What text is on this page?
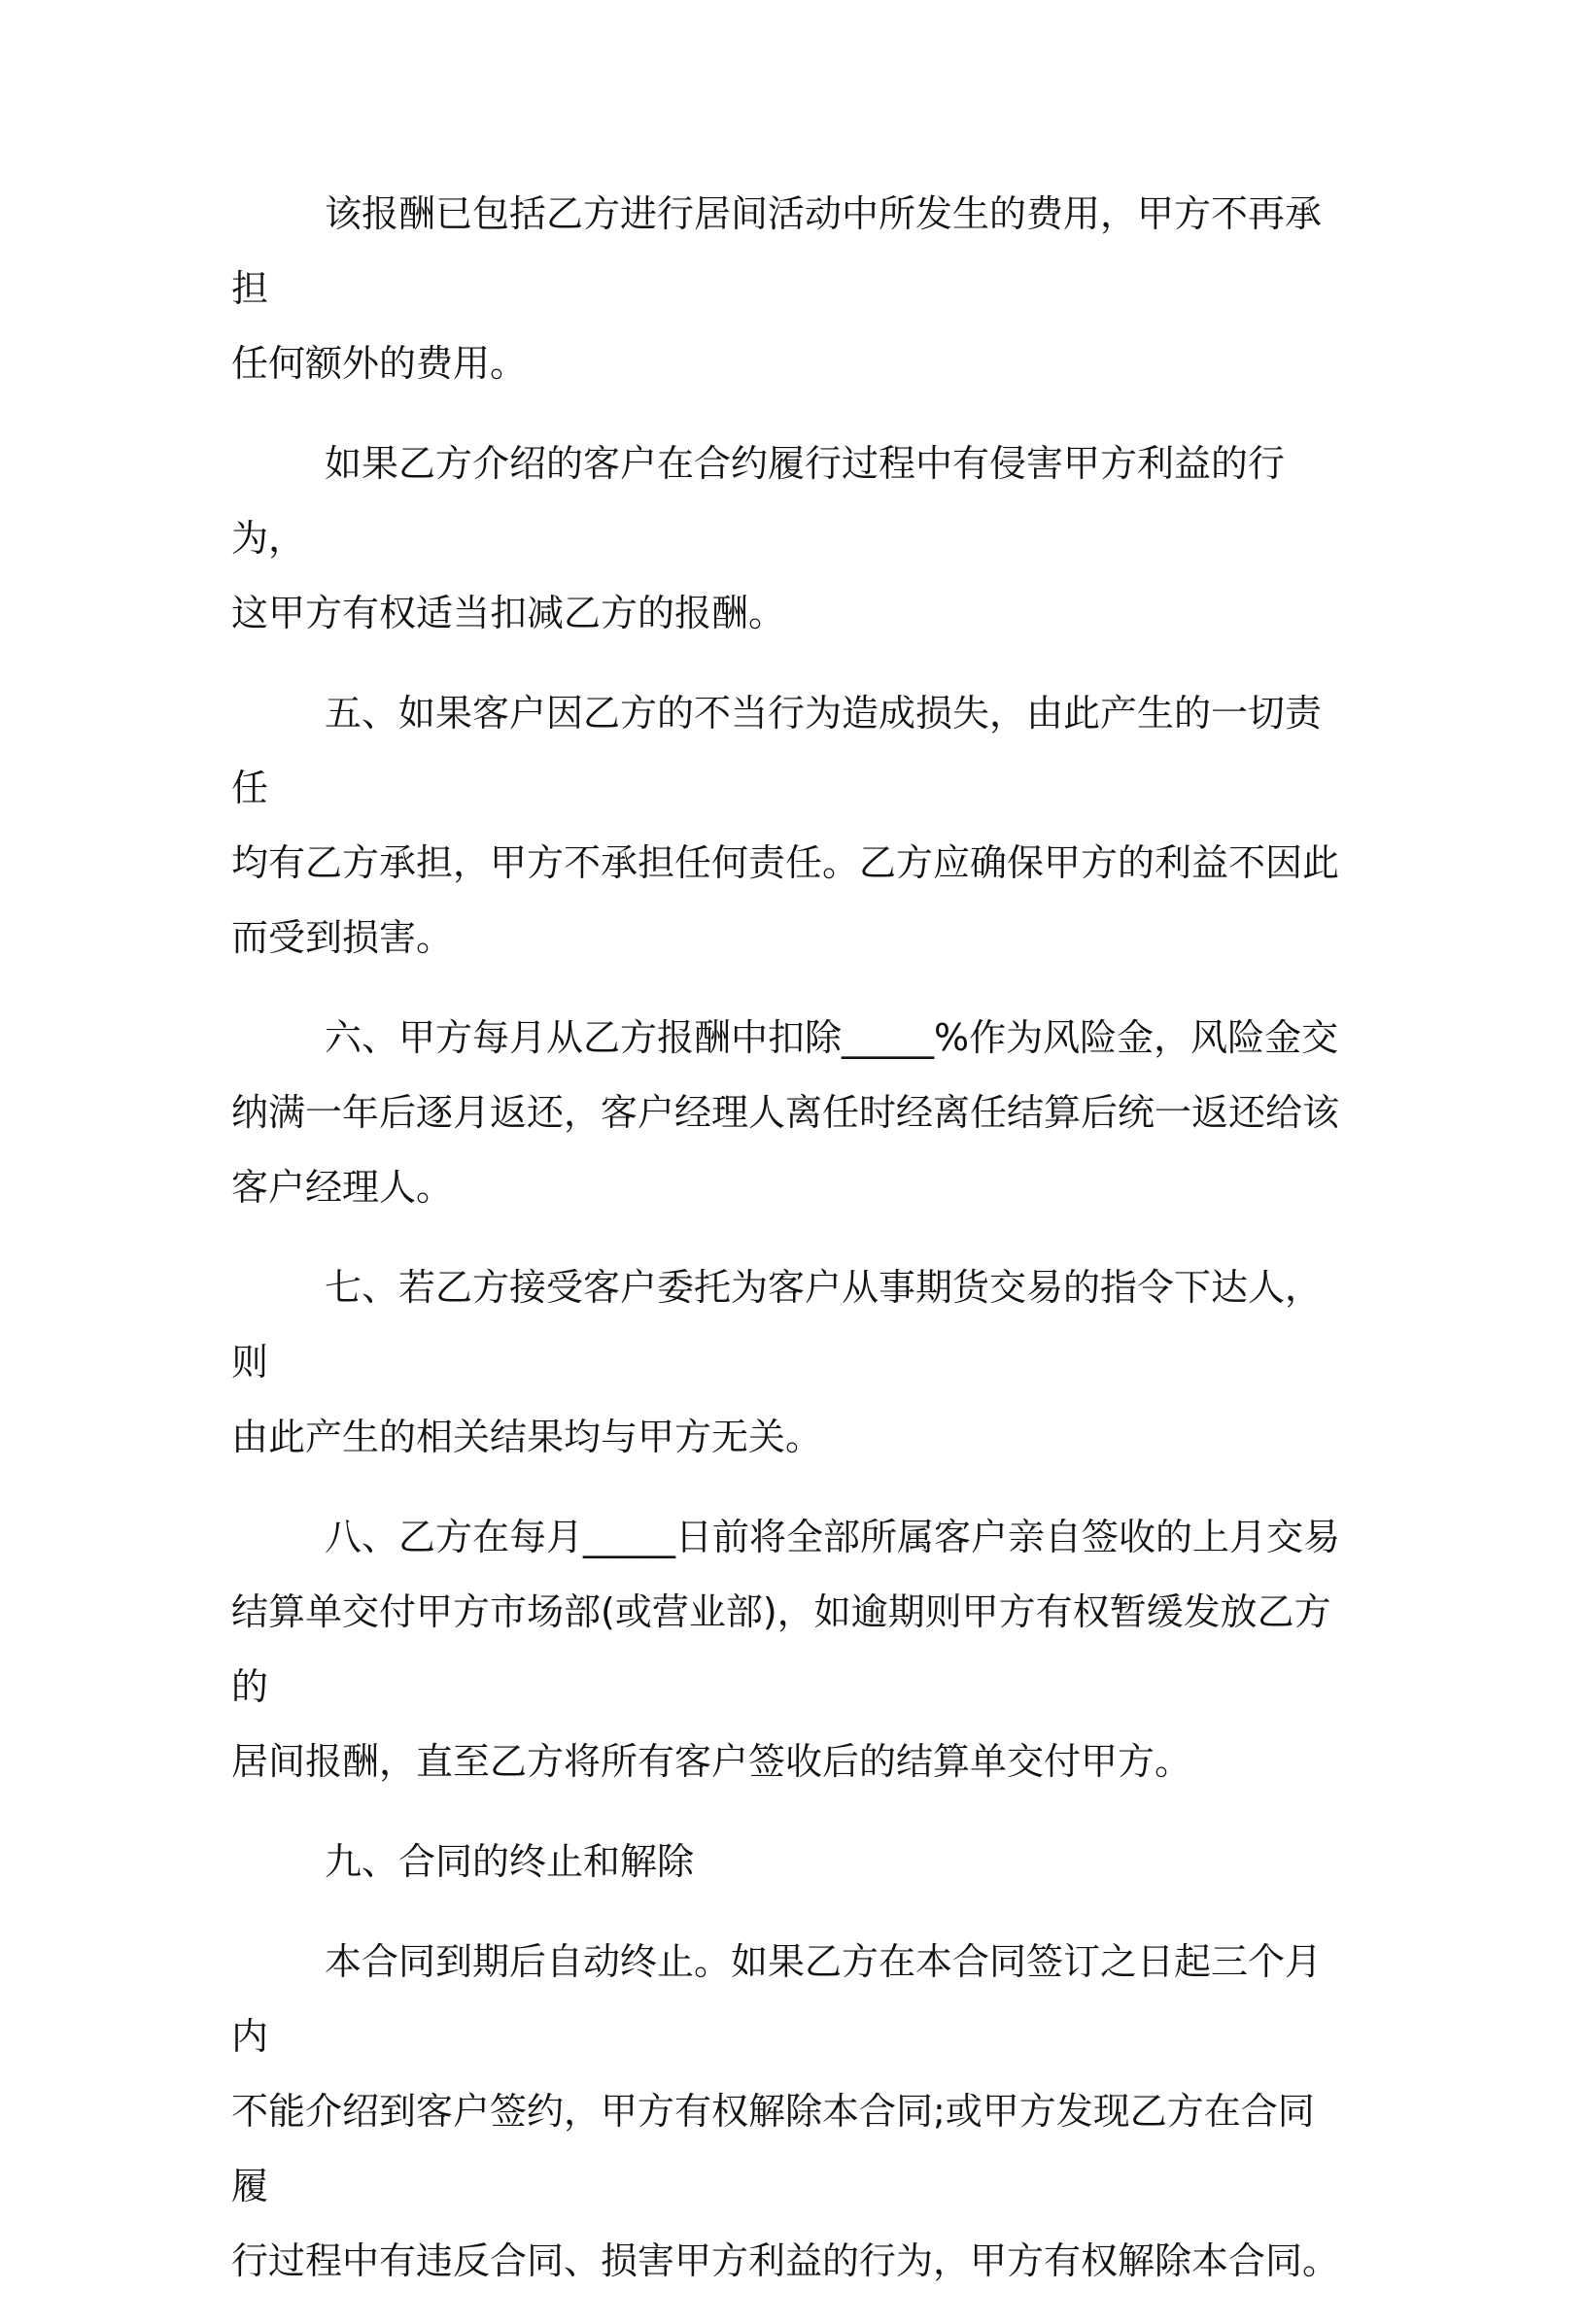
该报酬已包括乙方进行居间活动中所发生的费用，甲方不再承担
任何额外的费用。

如果乙方介绍的客户在合约履行过程中有侵害甲方利益的行为，
这甲方有权适当扣减乙方的报酬。

五、如果客户因乙方的不当行为造成损失，由此产生的一切责任
均有乙方承担，甲方不承担任何责任。乙方应确保甲方的利益不因此
而受到损害。

六、甲方每月从乙方报酬中扣除_____%作为风险金，风险金交
纳满一年后逐月返还，客户经理人离任时经离任结算后统一返还给该
客户经理人。

七、若乙方接受客户委托为客户从事期货交易的指令下达人，则
由此产生的相关结果均与甲方无关。

八、乙方在每月_____日前将全部所属客户亲自签收的上月交易
结算单交付甲方市场部(或营业部)，如逾期则甲方有权暂缓发放乙方的
居间报酬，直至乙方将所有客户签收后的结算单交付甲方。

九、合同的终止和解除

本合同到期后自动终止。如果乙方在本合同签订之日起三个月内
不能介绍到客户签约，甲方有权解除本合同;或甲方发现乙方在合同履
行过程中有违反合同、损害甲方利益的行为，甲方有权解除本合同。
